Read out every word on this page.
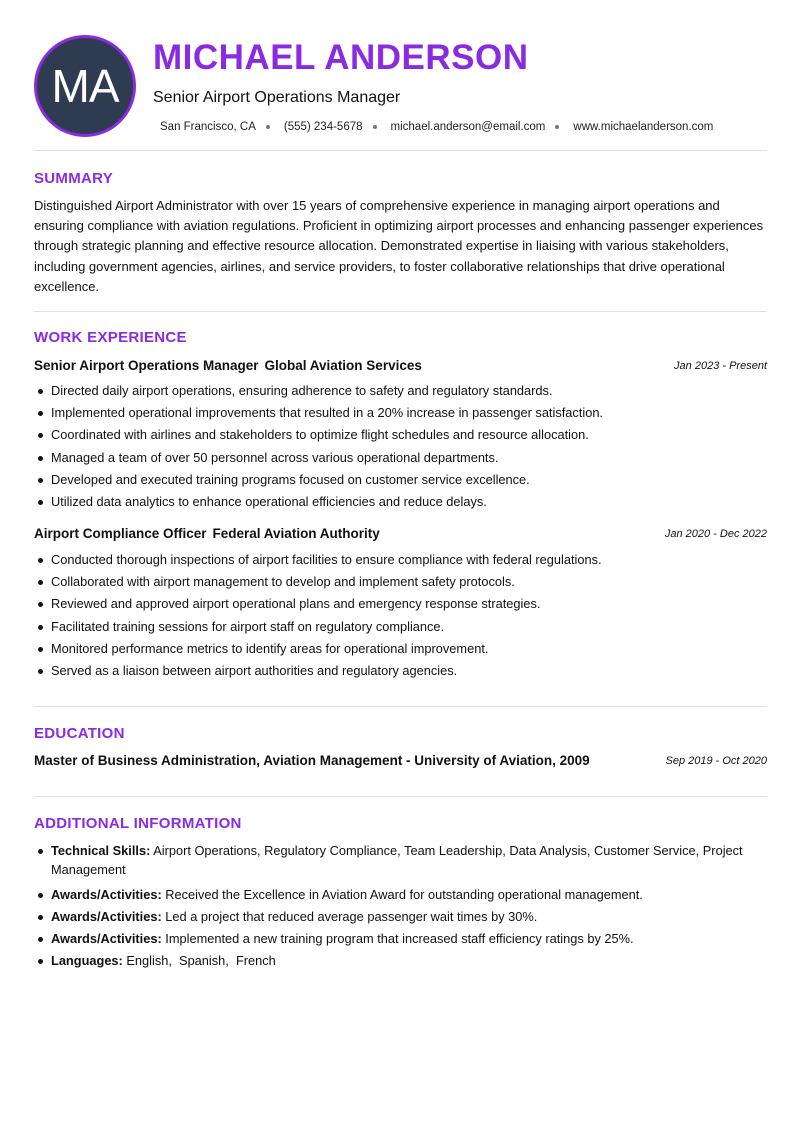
MA
MICHAEL ANDERSON
Senior Airport Operations Manager
San Francisco, CA (555) 234-5678 michael.anderson@email.com www.michaelanderson.com
SUMMARY

Distinguished Airport Administrator with over 15 years of comprehensive experience in managing airport operations and ensuring compliance with aviation regulations. Proficient in optimizing airport processes and enhancing passenger experiences through strategic planning and effective resource allocation. Demonstrated expertise in liaising with various stakeholders, including government agencies, airlines, and service providers, to foster collaborative relationships that drive operational excellence.

WORK EXPERIENCE
Senior Airport Operations Manager Global Aviation Services	Jan 2023 - Present
Directed daily airport operations, ensuring adherence to safety and regulatory standards.
Implemented operational improvements that resulted in a 20% increase in passenger satisfaction.
Coordinated with airlines and stakeholders to optimize flight schedules and resource allocation.
Managed a team of over 50 personnel across various operational departments.
Developed and executed training programs focused on customer service excellence.
Utilized data analytics to enhance operational efficiencies and reduce delays.
Airport Compliance Officer Federal Aviation Authority	Jan 2020 - Dec 2022
Conducted thorough inspections of airport facilities to ensure compliance with federal regulations.
Collaborated with airport management to develop and implement safety protocols.
Reviewed and approved airport operational plans and emergency response strategies.
Facilitated training sessions for airport staff on regulatory compliance.
Monitored performance metrics to identify areas for operational improvement.
Served as a liaison between airport authorities and regulatory agencies.
EDUCATION
Master of Business Administration, Aviation Management - University of Aviation, 2009	Sep 2019 - Oct 2020
ADDITIONAL INFORMATION
Technical Skills: Airport Operations, Regulatory Compliance, Team Leadership, Data Analysis, Customer Service, Project Management
Awards/Activities: Received the Excellence in Aviation Award for outstanding operational management.
Awards/Activities: Led a project that reduced average passenger wait times by 30%.
Awards/Activities: Implemented a new training program that increased staff efficiency ratings by 25%.
Languages: English,  Spanish,  French
